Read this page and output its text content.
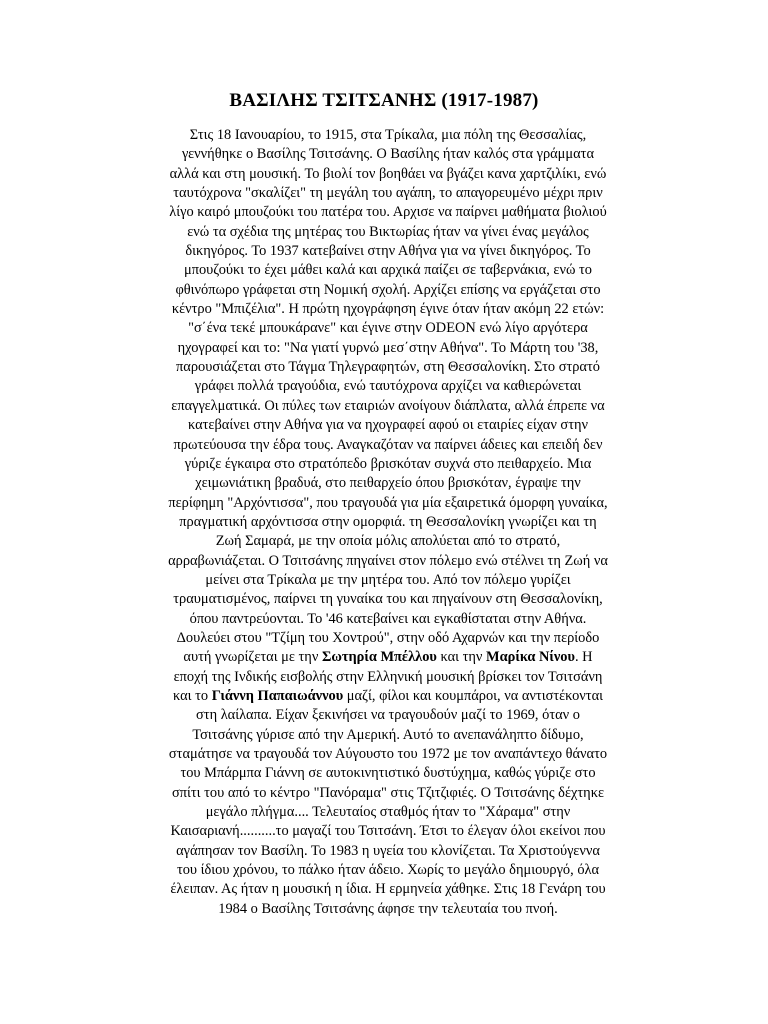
ΒΑΣΙΛΗΣ ΤΣΙΤΣΑΝΗΣ (1917-1987)
Στις 18 Ιανουαρίου, το 1915, στα Τρίκαλα, μια πόλη της Θεσσαλίας,
γεννήθηκε ο Βασίλης Τσιτσάνης. Ο Βασίλης ήταν καλός στα γράμματα
αλλά και στη μουσική. Το βιολί τον βοηθάει να βγάζει κανα χαρτζιλίκι, ενώ
ταυτόχρονα "σκαλίζει" τη μεγάλη του αγάπη, το απαγορευμένο μέχρι πριν
λίγο καιρό μπουζούκι του πατέρα του. Αρχισε να παίρνει μαθήματα βιολιού
ενώ τα σχέδια της μητέρας του Βικτωρίας ήταν να γίνει ένας μεγάλος
δικηγόρος. Το 1937 κατεβαίνει στην Αθήνα για να γίνει δικηγόρος. Το
μπουζούκι το έχει μάθει καλά και αρχικά παίζει σε ταβερνάκια, ενώ το
φθινόπωρο γράφεται στη Νομική σχολή. Αρχίζει επίσης να εργάζεται στο
κέντρο "Μπιζέλια". Η πρώτη ηχογράφηση έγινε όταν ήταν ακόμη 22 ετών:
"σ΄ένα τεκέ μπουκάρανε" και έγινε στην ODEON ενώ λίγο αργότερα
ηχογραφεί και το: "Να γιατί γυρνώ μεσ΄στην Αθήνα". Το Μάρτη του '38,
παρουσιάζεται στο Τάγμα Τηλεγραφητών, στη Θεσσαλονίκη. Στο στρατό
γράφει πολλά τραγούδια, ενώ ταυτόχρονα αρχίζει να καθιερώνεται
επαγγελματικά. Οι πύλες των εταιριών ανοίγουν διάπλατα, αλλά έπρεπε να
κατεβαίνει στην Αθήνα για να ηχογραφεί αφού οι εταιρίες είχαν στην
πρωτεύουσα την έδρα τους. Αναγκαζόταν να παίρνει άδειες και επειδή δεν
γύριζε έγκαιρα στο στρατόπεδο βρισκόταν συχνά στο πειθαρχείο. Μια
χειμωνιάτικη βραδυά, στο πειθαρχείο όπου βρισκόταν, έγραψε την
περίφημη "Αρχόντισσα", που τραγουδά για μία εξαιρετικά όμορφη γυναίκα,
πραγματική αρχόντισσα στην ομορφιά. τη Θεσσαλονίκη γνωρίζει και τη
Ζωή Σαμαρά, με την οποία μόλις απολύεται από το στρατό,
αρραβωνιάζεται. Ο Τσιτσάνης πηγαίνει στον πόλεμο ενώ στέλνει τη Ζωή να
μείνει στα Τρίκαλα με την μητέρα του. Από τον πόλεμο γυρίζει
τραυματισμένος, παίρνει τη γυναίκα του και πηγαίνουν στη Θεσσαλονίκη,
όπου παντρεύονται. Το '46 κατεβαίνει και εγκαθίσταται στην Αθήνα.
Δουλεύει στου "Τζίμη του Χοντρού", στην οδό Αχαρνών και την περίοδο
αυτή γνωρίζεται με την Σωτηρία Μπέλλου και την Μαρίκα Νίνου. Η
εποχή της Ινδικής εισβολής στην Ελληνική μουσική βρίσκει τον Τσιτσάνη
και το Γιάννη Παπαιωάννου μαζί, φίλοι και κουμπάροι, να αντιστέκονται
στη λαίλαπα. Είχαν ξεκινήσει να τραγουδούν μαζί το 1969, όταν ο
Τσιτσάνης γύρισε από την Αμερική. Αυτό το ανεπανάληπτο δίδυμο,
σταμάτησε να τραγουδά τον Αύγουστο του 1972 με τον αναπάντεχο θάνατο
του Μπάρμπα Γιάννη σε αυτοκινητιστικό δυστύχημα, καθώς γύριζε στο
σπίτι του από το κέντρο "Πανόραμα" στις Τζιτζιφιές. Ο Τσιτσάνης δέχτηκε
μεγάλο πλήγμα.... Τελευταίος σταθμός ήταν το "Χάραμα" στην
Καισαριανή..........το μαγαζί του Τσιτσάνη. Έτσι το έλεγαν όλοι εκείνοι που
αγάπησαν τον Βασίλη. Το 1983 η υγεία του κλονίζεται. Τα Χριστούγεννα
του ίδιου χρόνου, το πάλκο ήταν άδειο. Χωρίς το μεγάλο δημιουργό, όλα
έλειπαν. Ας ήταν η μουσική η ίδια. Η ερμηνεία χάθηκε. Στις 18 Γενάρη του
1984 ο Βασίλης Τσιτσάνης άφησε την τελευταία του πνοή.
